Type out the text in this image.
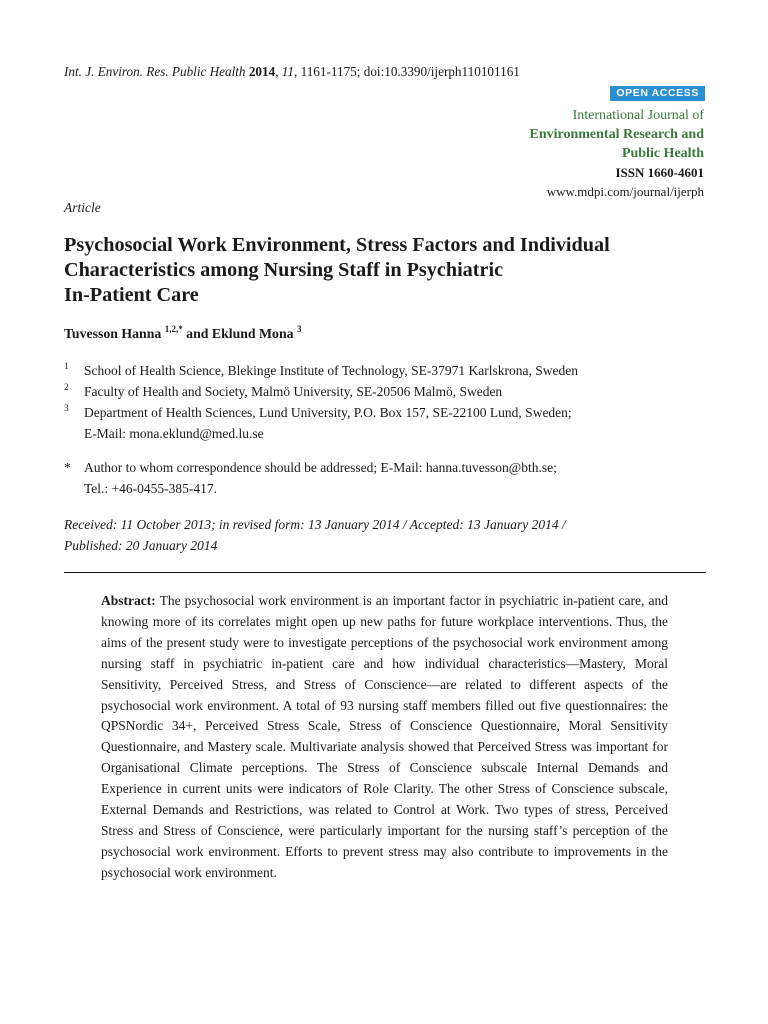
Int. J. Environ. Res. Public Health 2014, 11, 1161-1175; doi:10.3390/ijerph110101161
OPEN ACCESS
International Journal of
Environmental Research and
Public Health
ISSN 1660-4601
www.mdpi.com/journal/ijerph
Article
Psychosocial Work Environment, Stress Factors and Individual
Characteristics among Nursing Staff in Psychiatric
In-Patient Care
Tuvesson Hanna $^{1,2,*}$ and Eklund Mona $^3$
1 School of Health Science, Blekinge Institute of Technology, SE-37971 Karlskrona, Sweden
2 Faculty of Health and Society, Malmö University, SE-20506 Malmö, Sweden
3 Department of Health Sciences, Lund University, P.O. Box 157, SE-22100 Lund, Sweden;
E-Mail: mona.eklund@med.lu.se
* Author to whom correspondence should be addressed; E-Mail: hanna.tuvesson@bth.se;
Tel.: +46-0455-385-417.
Received: 11 October 2013; in revised form: 13 January 2014 / Accepted: 13 January 2014 /
Published: 20 January 2014
Abstract: The psychosocial work environment is an important factor in psychiatric in-patient care, and knowing more of its correlates might open up new paths for future workplace interventions. Thus, the aims of the present study were to investigate perceptions of the psychosocial work environment among nursing staff in psychiatric in-patient care and how individual characteristics—Mastery, Moral Sensitivity, Perceived Stress, and Stress of Conscience—are related to different aspects of the psychosocial work environment. A total of 93 nursing staff members filled out five questionnaires: the QPSNordic 34+, Perceived Stress Scale, Stress of Conscience Questionnaire, Moral Sensitivity Questionnaire, and Mastery scale. Multivariate analysis showed that Perceived Stress was important for Organisational Climate perceptions. The Stress of Conscience subscale Internal Demands and Experience in current units were indicators of Role Clarity. The other Stress of Conscience subscale, External Demands and Restrictions, was related to Control at Work. Two types of stress, Perceived Stress and Stress of Conscience, were particularly important for the nursing staff’s perception of the psychosocial work environment. Efforts to prevent stress may also contribute to improvements in the psychosocial work environment.
